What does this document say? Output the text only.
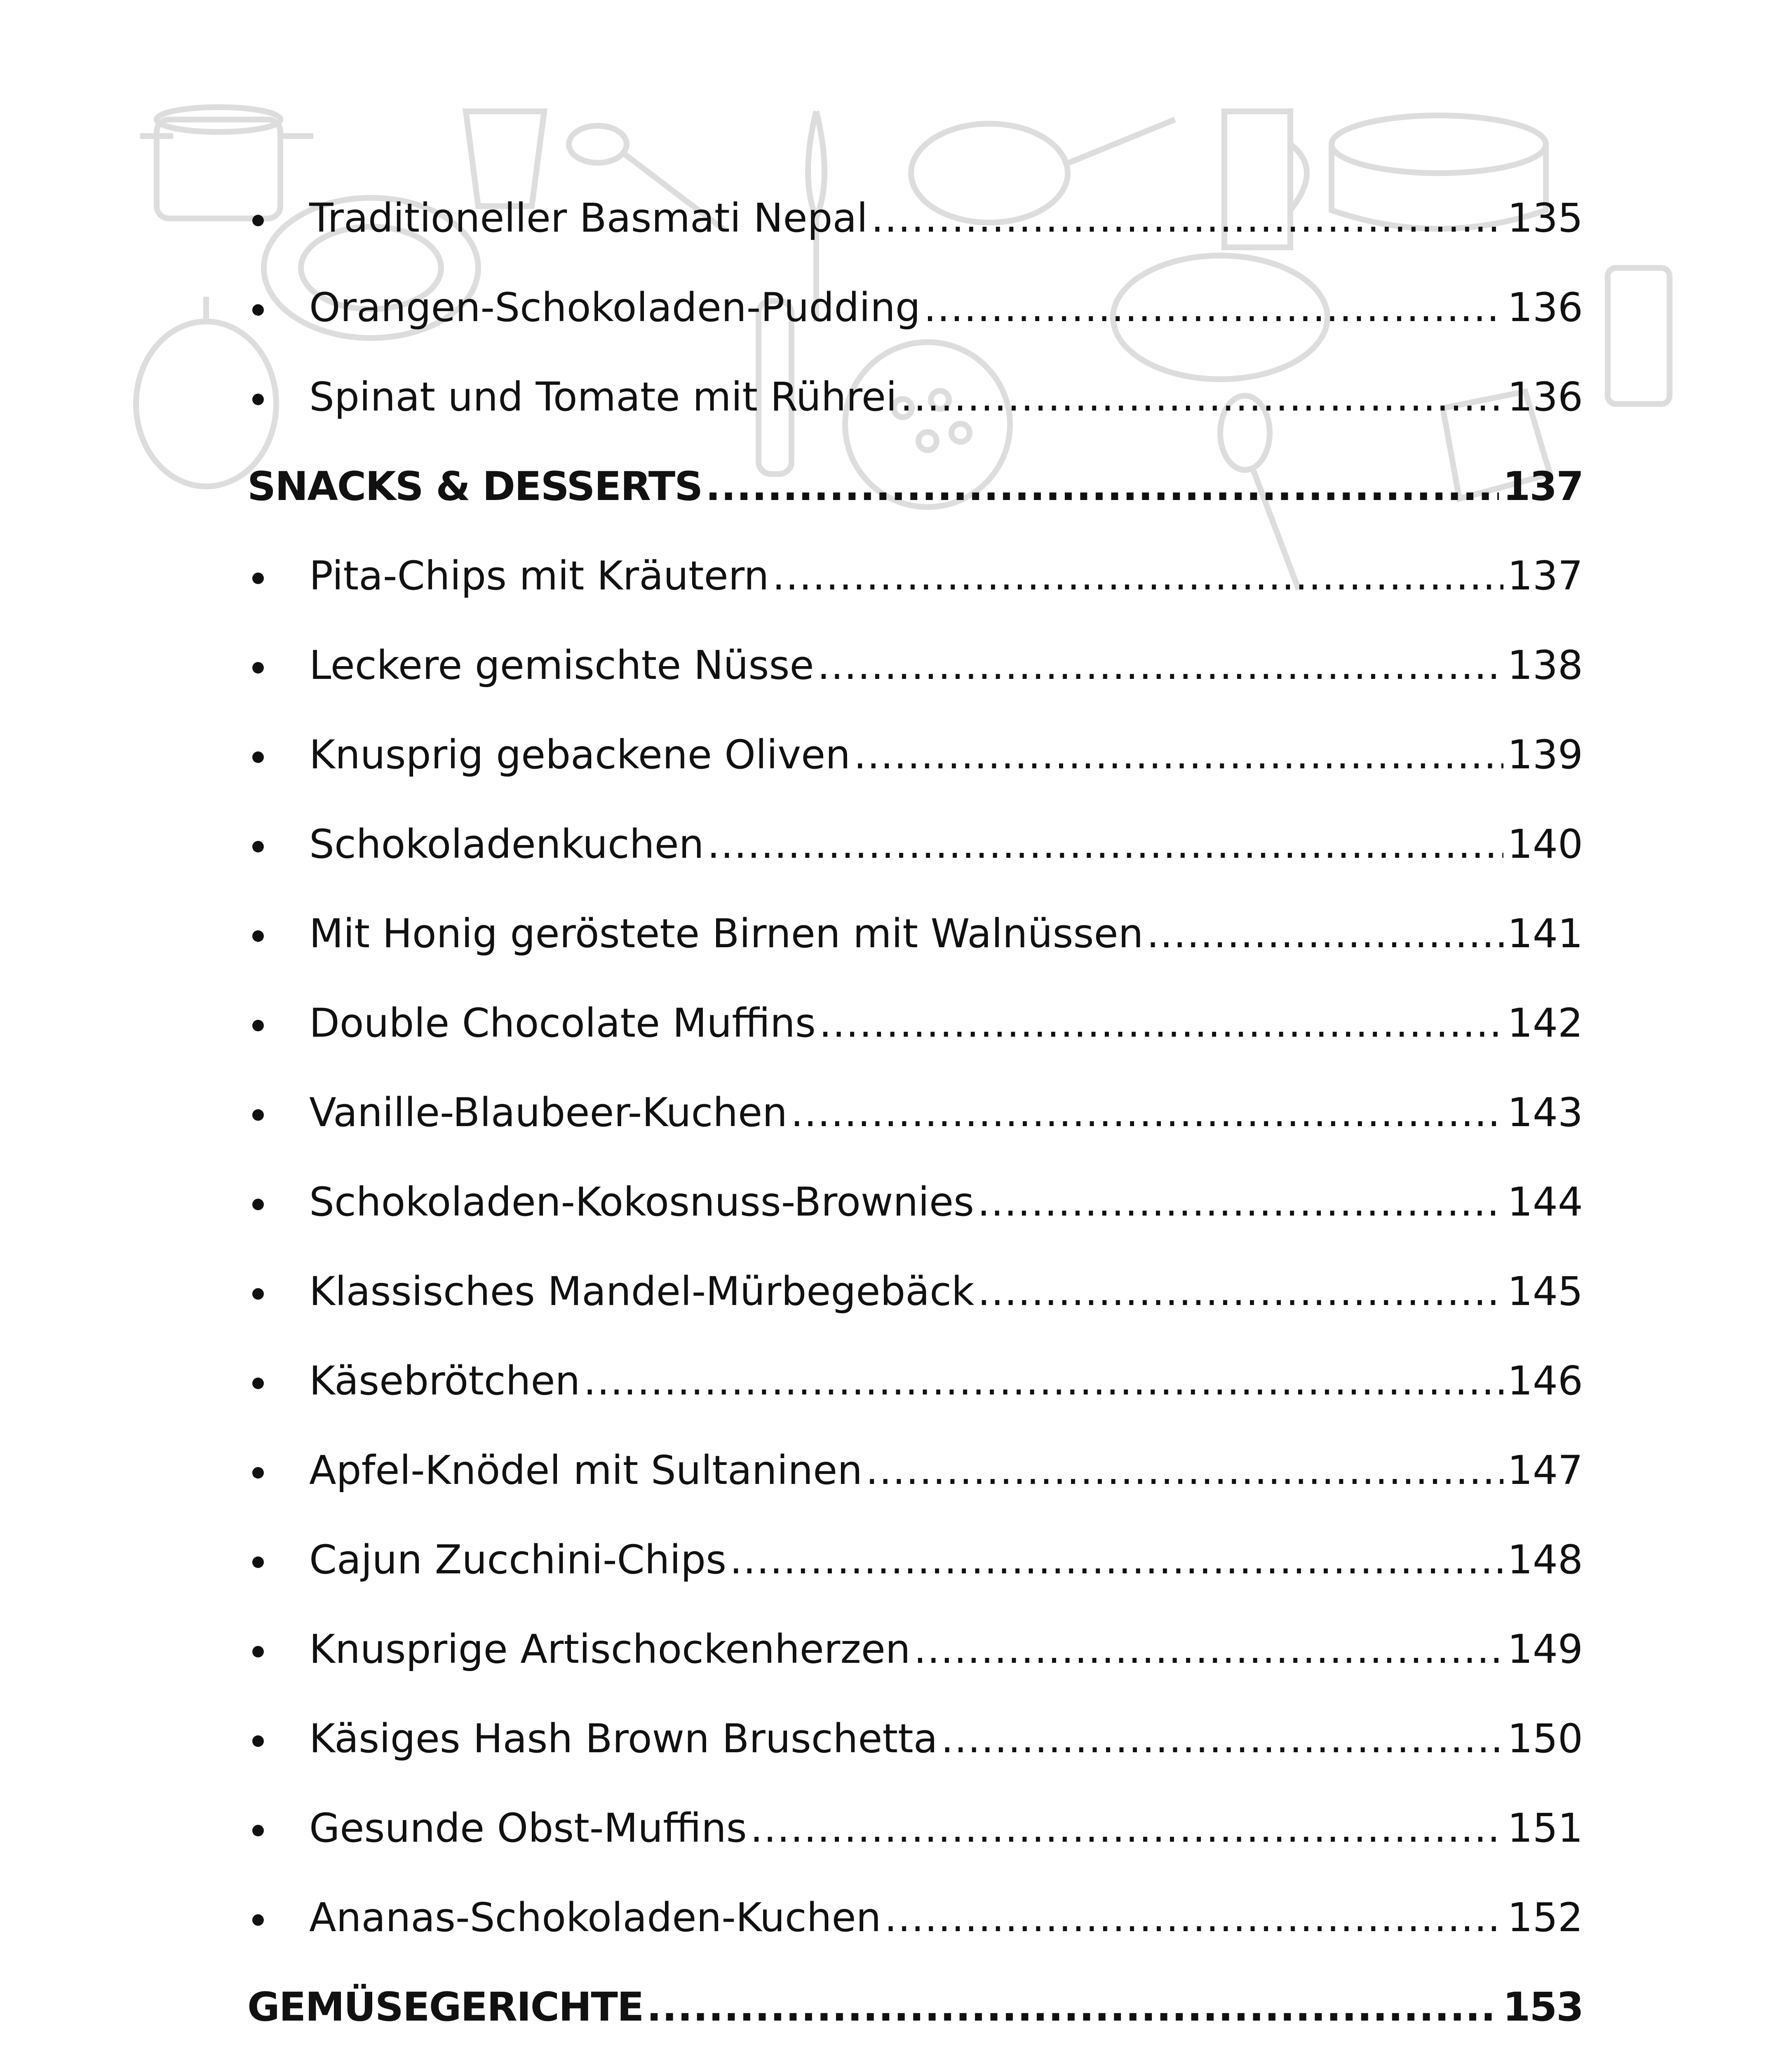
Traditioneller Basmati Nepal .....	135
Orangen-Schokoladen-Pudding .....	136
Spinat und Tomate mit Rührei .....	136
SNACKS & DESSERTS .....	137
Pita-Chips mit Kräutern .....	137
Leckere gemischte Nüsse .....	138
Knusprig gebackene Oliven .....	139
Schokoladenkuchen .....	140
Mit Honig geröstete Birnen mit Walnüssen .....	141
Double Chocolate Muffins .....	142
Vanille-Blaubeer-Kuchen .....	143
Schokoladen-Kokosnuss-Brownies .....	144
Klassisches Mandel-Mürbegebäck .....	145
Käsebrötchen .....	146
Apfel-Knödel mit Sultaninen .....	147
Cajun Zucchini-Chips .....	148
Knusprige Artischockenherzen .....	149
Käsiges Hash Brown Bruschetta .....	150
Gesunde Obst-Muffins .....	151
Ananas-Schokoladen-Kuchen .....	152
GEMÜSEGERICHTE .....	153
